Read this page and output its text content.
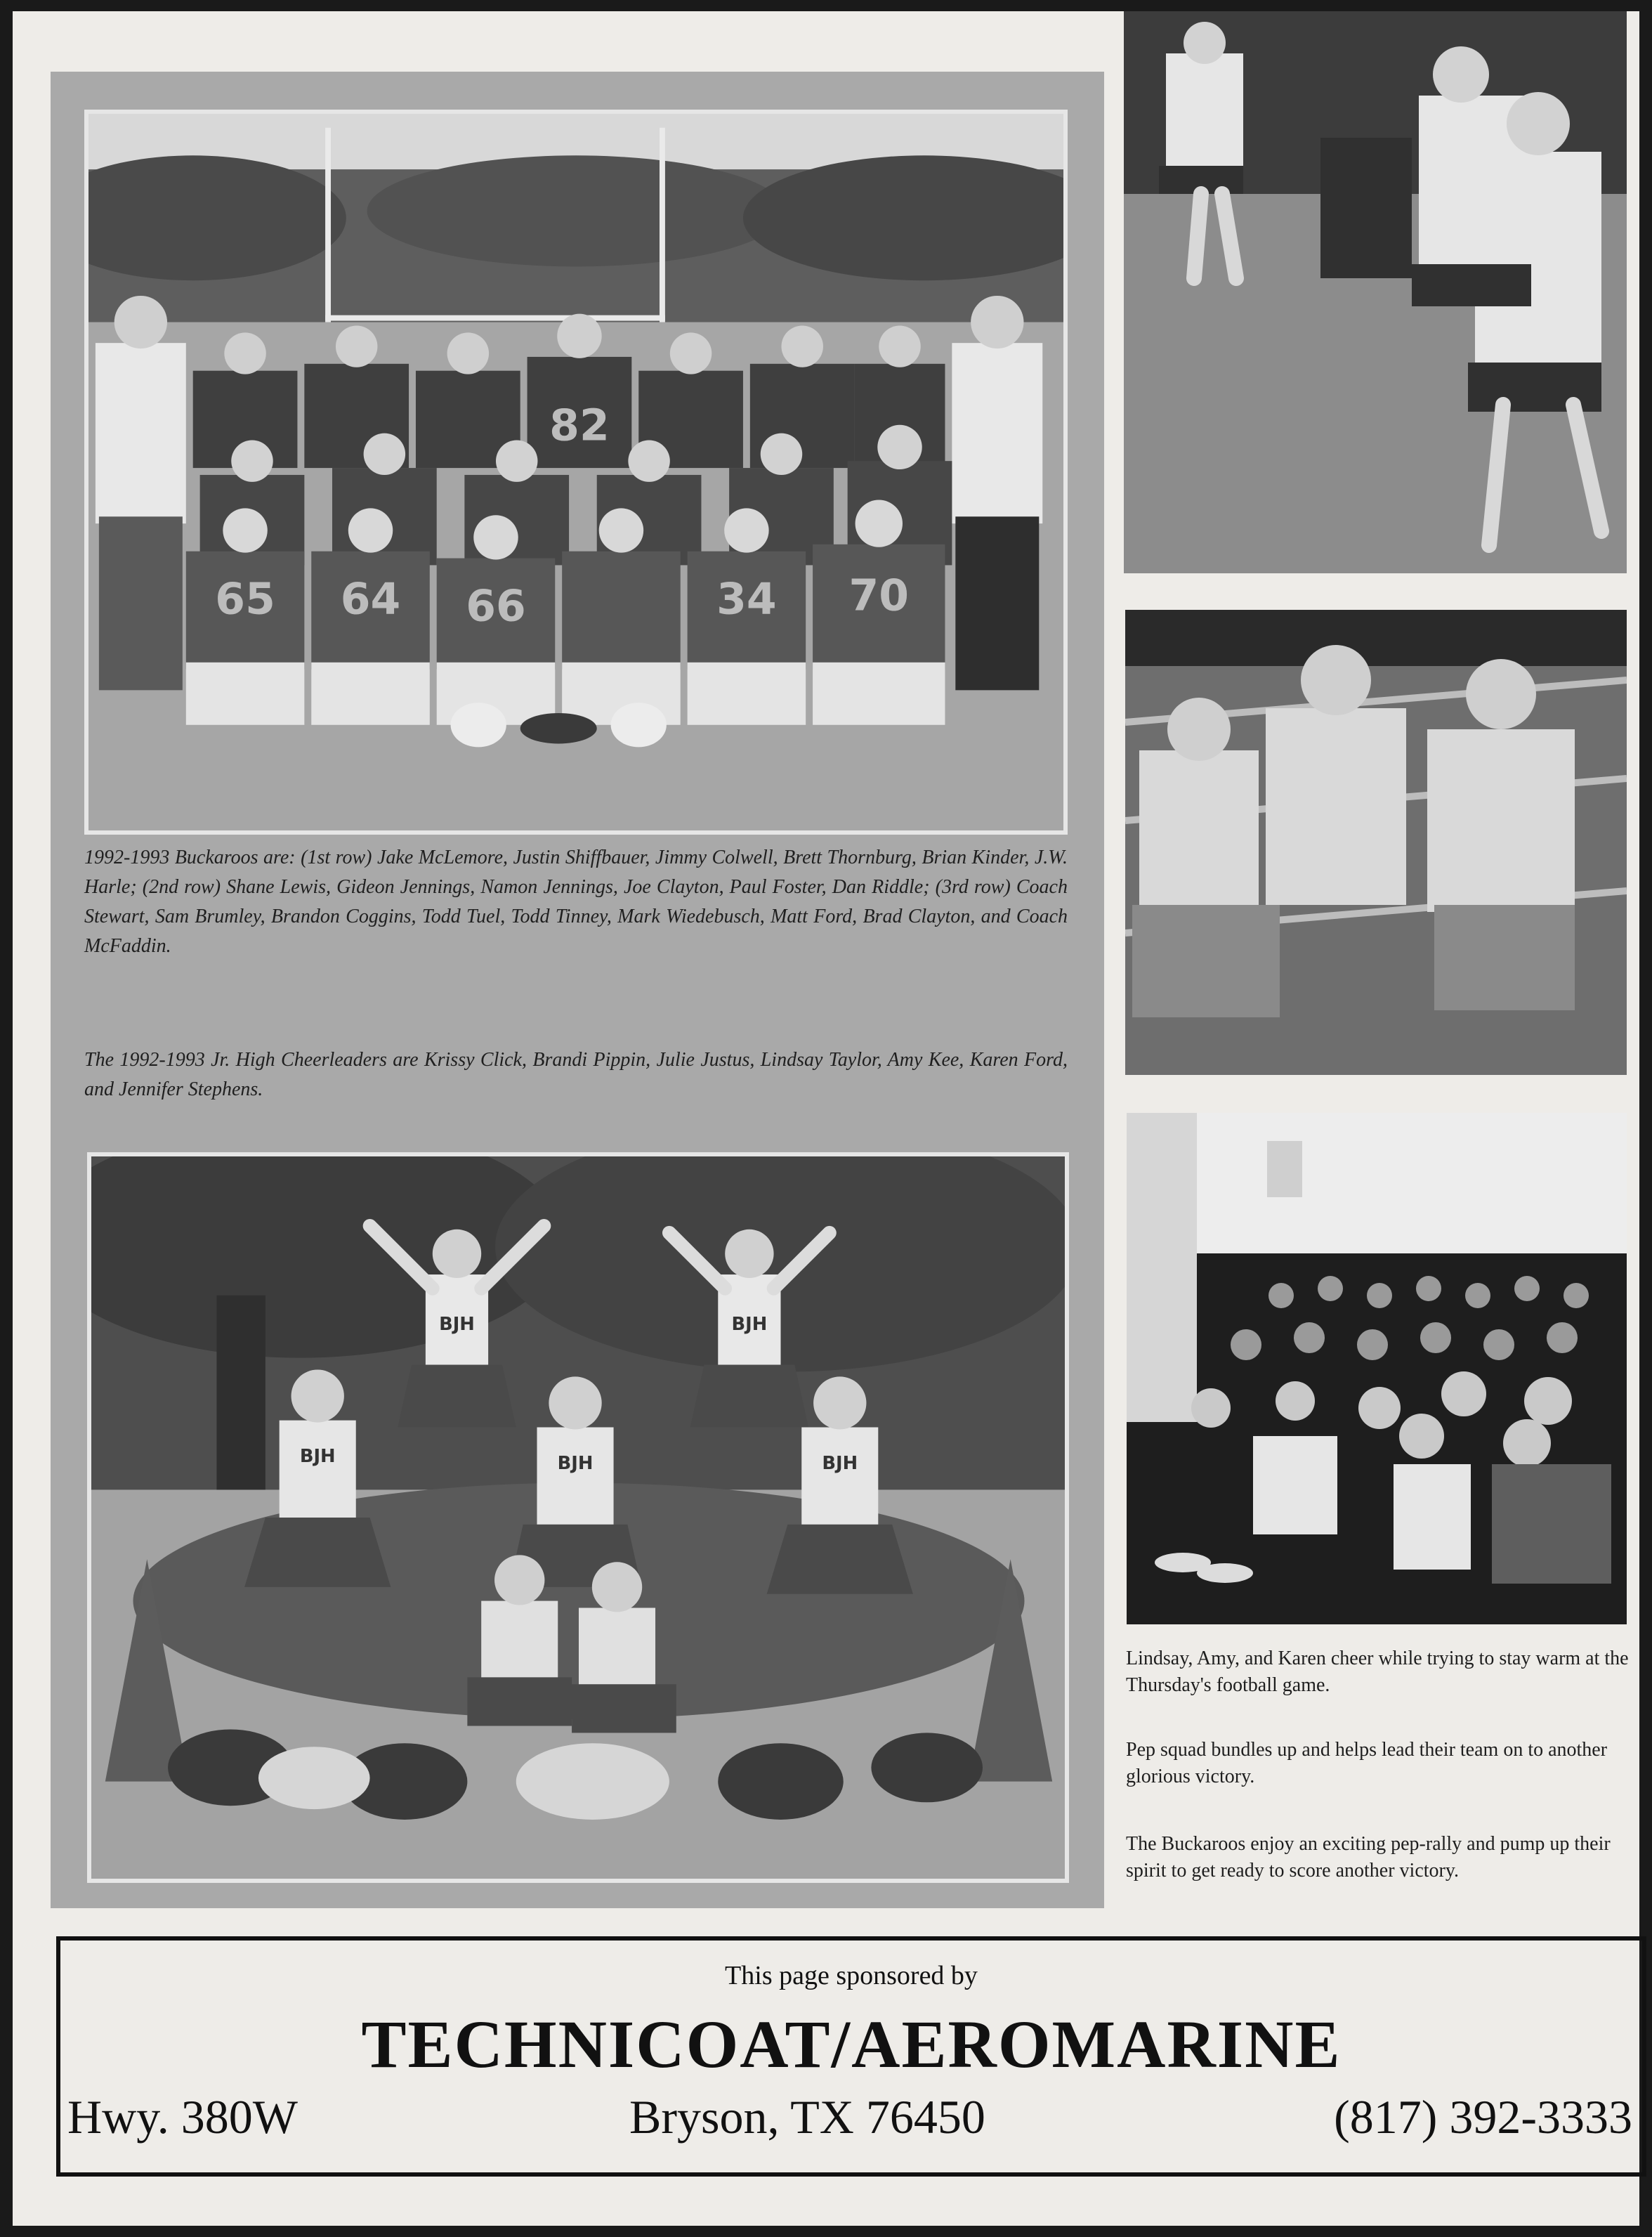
82
65 64 66	34 70
1992-1993 Buckaroos are: (1st row) Jake McLemore, Justin Shiffbauer, Jimmy Colwell, Brett Thornburg, Brian Kinder, J.W. Harle; (2nd row) Shane Lewis, Gideon Jennings, Namon Jennings, Joe Clayton, Paul Foster, Dan Riddle; (3rd row) Coach Stewart, Sam Brumley, Brandon Coggins, Todd Tuel, Todd Tinney, Mark Wiedebusch, Matt Ford, Brad Clayton, and Coach McFaddin.
The 1992-1993 Jr. High Cheerleaders are Krissy Click, Brandi Pippin, Julie Justus, Lindsay Taylor, Amy Kee, Karen Ford, and Jennifer Stephens.
BJH	BJH
BJH	BJH	BJH
Lindsay, Amy, and Karen cheer while trying to stay warm at the Thursday's football game.
Pep squad bundles up and helps lead their team on to another glorious victory.
The Buckaroos enjoy an exciting pep-rally and pump up their spirit to get ready to score another victory.
This page sponsored by
TECHNICOAT/AEROMARINE
Hwy. 380W	Bryson, TX 76450	(817) 392-3333
